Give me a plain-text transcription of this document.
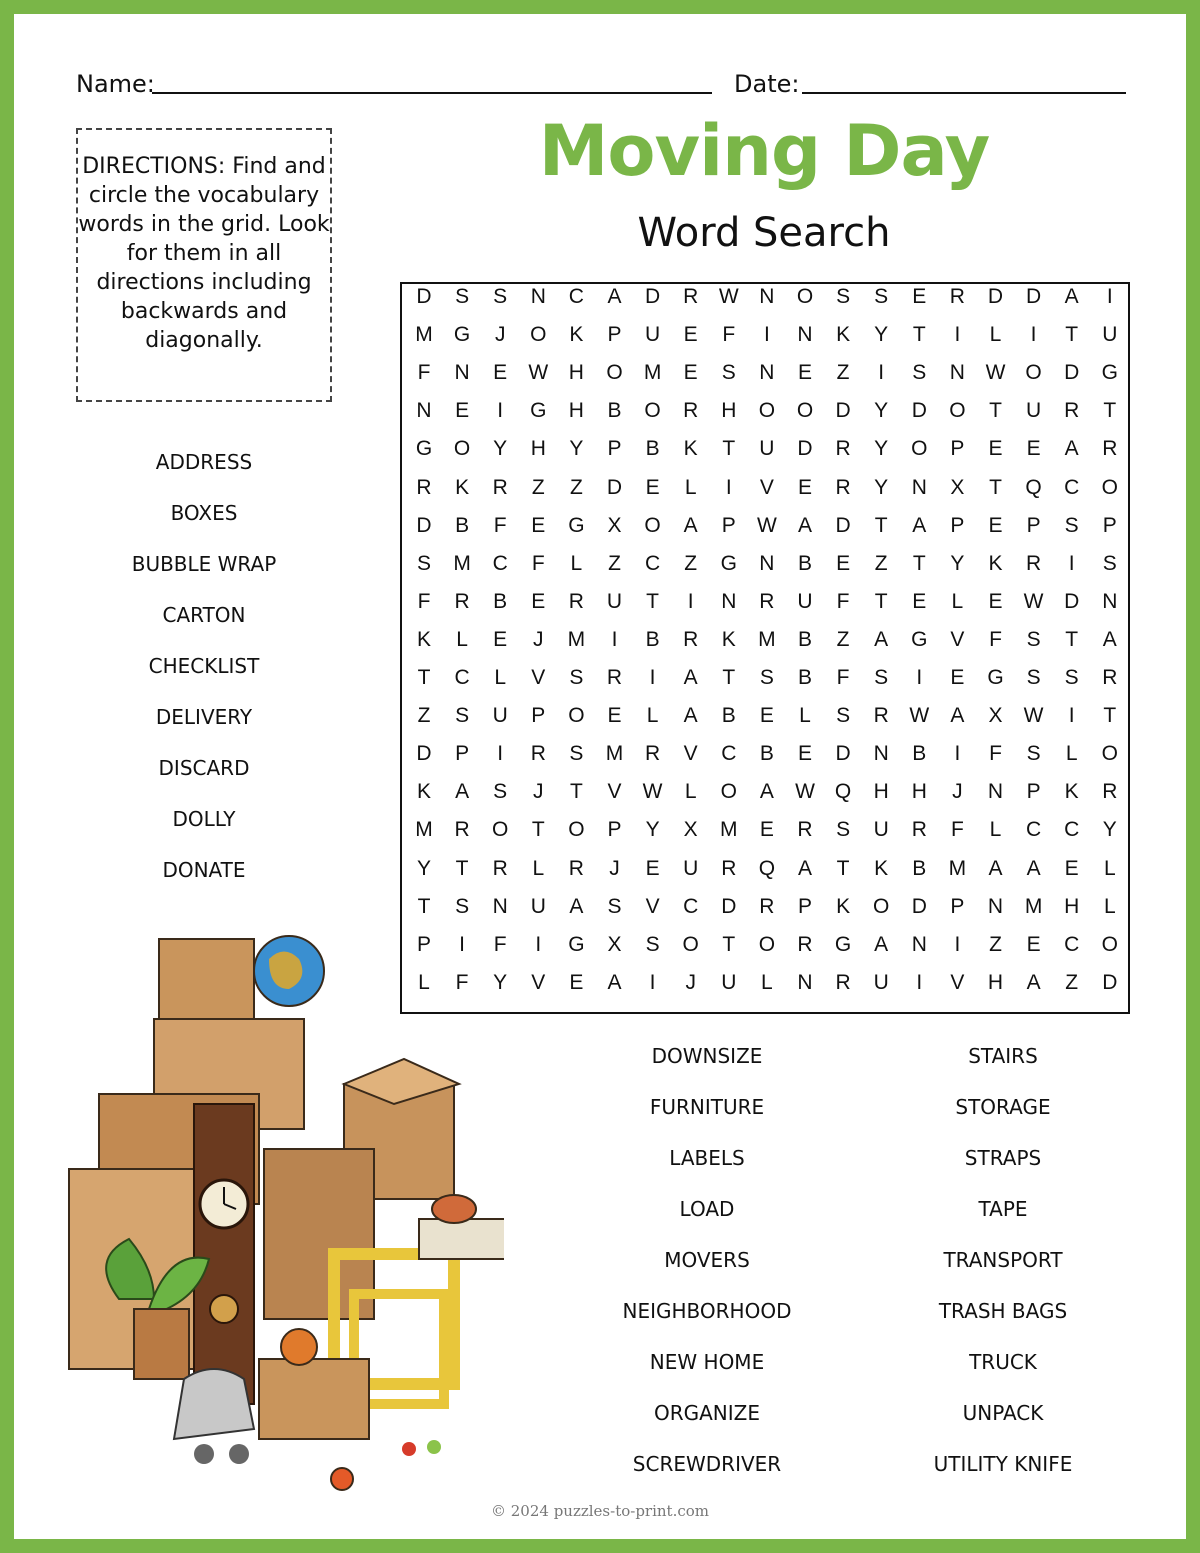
Name:	Date:
DIRECTIONS: Find and circle the vocabulary words in the grid. Look for them in all directions including backwards and diagonally.
Moving Day
Word Search
D	S	S	N	C	A	D	R W N	O	S	S	E	R	D	D	A	I
M	G	J	O	K	P	U	E	F	I	N	K	Y	T	I	L	I	T	U
F	N	E	W H	O	M	E	S	N	E	Z	I	S	N W O	D	G
N	E	I	G	H	B	O	R	H	O	O	D	Y	D	O	T	U	R	T
G	O	Y	H	Y	P	B	K	T	U	D	R	Y	O	P	E	E	A	R
R	K	R	Z	Z	D	E	L	I	V	E	R	Y	N	X	T	Q	C	O
D	B	F	E	G	X	O	A	P	W	A	D	T	A	P	E	P	S	P
S	M	C	F	L	Z	C	Z	G	N	B	E	Z	T	Y	K	R	I	S
F	R	B	E	R	U	T	I	N	R	U	F	T	E	L	E	W D	N
K	L	E	J	M	I	B	R	K	M	B	Z	A	G	V	F	S	T	A
T	C	L	V	S	R	I	A	T	S	B	F	S	I	E	G	S	S	R
Z	S	U	P	O	E	L	A	B	E	L	S	R W	A	X	W	I	T
D	P	I	R	S	M	R	V	C	B	E	D	N	B	I	F	S	L	O
K	A	S	J	T	V	W	L	O	A	W Q	H	H	J	N	P	K	R
M	R	O	T	O	P	Y	X	M	E	R	S	U	R	F	L	C	C	Y
Y	T	R	L	R	J	E	U	R	Q	A	T	K	B	M	A	A	E	L
T	S	N	U	A	S	V	C	D	R	P	K	O	D	P	N	M	H	L
P	I	F	I	G	X	S	O	T	O	R	G	A	N	I	Z	E	C	O
L	F	Y	V	E	A	I	J	U	L	N	R	U	I	V	H	A	Z	D
ADDRESS
BOXES
BUBBLE WRAP
CARTON
CHECKLIST
DELIVERY
DISCARD
DOLLY
DONATE
DOWNSIZE
FURNITURE
LABELS
LOAD
MOVERS
NEIGHBORHOOD
NEW HOME
ORGANIZE
SCREWDRIVER
STAIRS
STORAGE
STRAPS
TAPE
TRANSPORT
TRASH BAGS
TRUCK
UNPACK
UTILITY KNIFE
© 2024 puzzles-to-print.com
